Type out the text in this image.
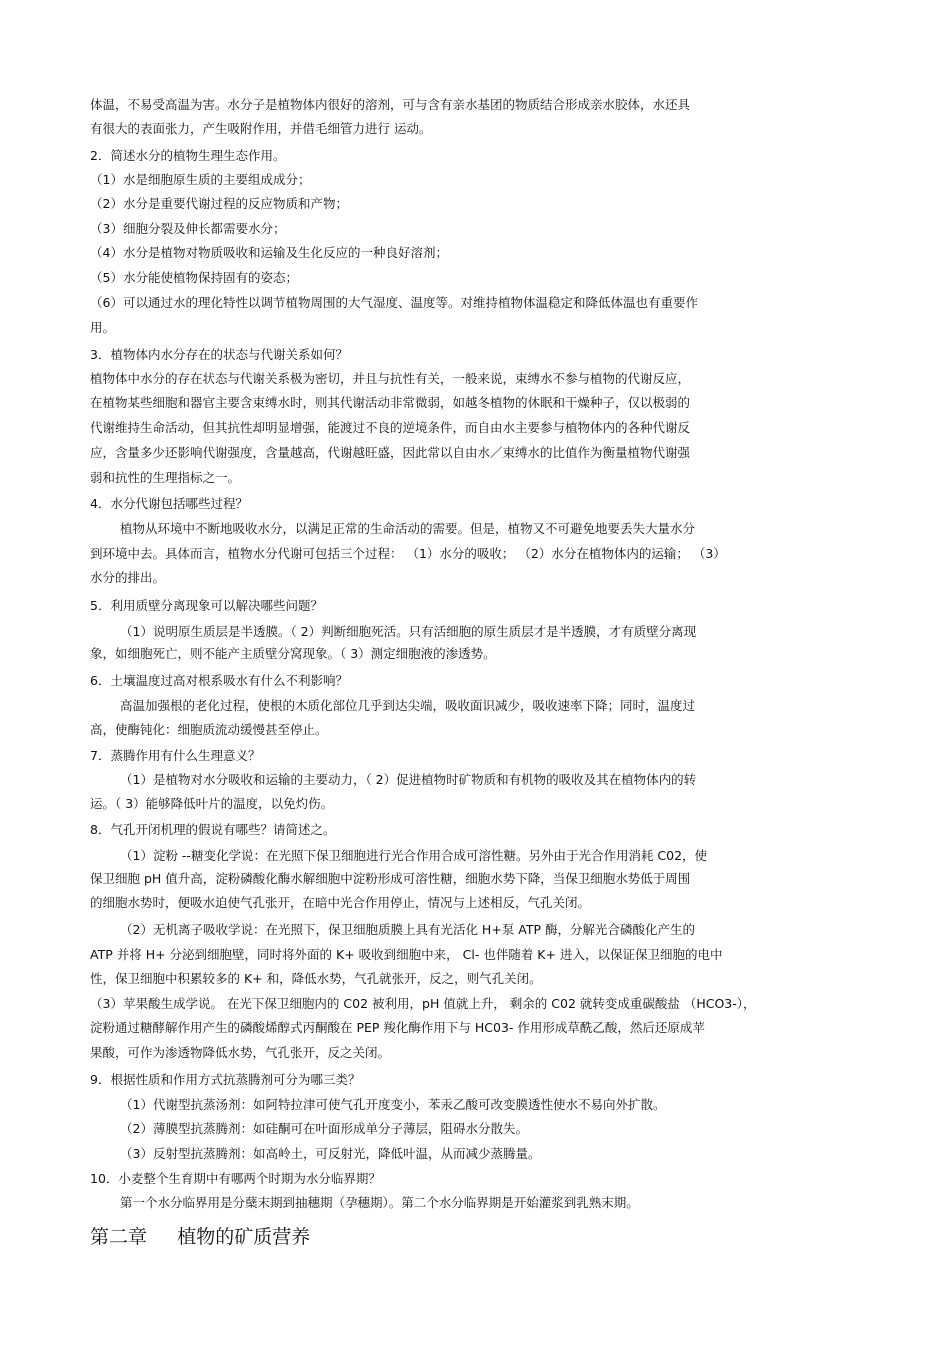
体温，不易受高温为害。水分子是植物体内很好的溶剂，可与含有亲水基团的物质结合形成亲水胶体，水还具
有很大的表面张力，产生吸附作用，并借毛细管力进行 运动。
2．简述水分的植物生理生态作用。
（1）水是细胞原生质的主要组成成分；
（2）水分是重要代谢过程的反应物质和产物；
（3）细胞分裂及伸长都需要水分；
（4）水分是植物对物质吸收和运输及生化反应的一种良好溶剂；
（5）水分能使植物保持固有的姿态；
（6）可以通过水的理化特性以调节植物周围的大气湿度、温度等。对维持植物体温稳定和降低体温也有重要作
用。
3．植物体内水分存在的状态与代谢关系如何？
植物体中水分的存在状态与代谢关系极为密切，并且与抗性有关，一般来说，束缚水不参与植物的代谢反应，
在植物某些细胞和器官主要含束缚水时，则其代谢活动非常微弱，如越冬植物的休眠和干燥种子，仅以极弱的
代谢维持生命活动，但其抗性却明显增强，能渡过不良的逆境条件，而自由水主要参与植物体内的各种代谢反
应，含量多少还影响代谢强度，含量越高，代谢越旺盛，因此常以自由水／束缚水的比值作为衡量植物代谢强
弱和抗性的生理指标之一。
4．水分代谢包括哪些过程？
植物从环境中不断地吸收水分，以满足正常的生命活动的需要。但是，植物又不可避免地要丢失大量水分
到环境中去。具体而言，植物水分代谢可包括三个过程： （1）水分的吸收； （2）水分在植物体内的运输； （3）
水分的排出。
5．利用质壁分离现象可以解决哪些问题？
（1）说明原生质层是半透膜。（ 2）判断细胞死活。只有活细胞的原生质层才是半透膜，才有质壁分离现
象，如细胞死亡，则不能产主质壁分窝现象。（ 3）测定细胞液的渗透势。
6．土壤温度过高对根系吸水有什么不利影响？
高温加强根的老化过程，使根的木质化部位几乎到达尖端，吸收面识减少，吸收速率下降；同时，温度过
高，使酶钝化：细胞质流动缓慢甚至停止。
7．蒸腾作用有什么生理意义？
（1）是植物对水分吸收和运输的主要动力，（ 2）促进植物时矿物质和有机物的吸收及其在植物体内的转
运。（ 3）能够降低叶片的温度，以免灼伤。
8．气孔开闭机理的假说有哪些？请简述之。
（1）淀粉 --糖变化学说：在光照下保卫细胞进行光合作用合成可溶性糖。另外由于光合作用消耗 C02，使
保卫细胞 pH 值升高，淀粉磷酸化酶水解细胞中淀粉形成可溶性糖，细胞水势下降，当保卫细胞水势低于周围
的细胞水势时，便吸水迫使气孔张开，在暗中光合作用停止，情况与上述相反，气孔关闭。
（2）无机离子吸收学说：在光照下，保卫细胞质膜上具有光活化 H+泵 ATP 酶，分解光合磷酸化产生的
ATP 并将 H+ 分泌到细胞壁，同时将外面的 K+ 吸收到细胞中来， Cl- 也伴随着 K+ 进入，以保证保卫细胞的电中
性，保卫细胞中积累较多的 K+ 和，降低水势，气孔就张开，反之，则气孔关闭。
（3）苹果酸生成学说。 在光下保卫细胞内的 C02 被利用，pH 值就上升， 剩余的 C02 就转变成重碳酸盐 （HCO3-），
淀粉通过糖酵解作用产生的磷酸烯醇式丙酮酸在 PEP 羧化酶作用下与 HC03- 作用形成草酰乙酸，然后还原成苹
果酸，可作为渗透物降低水势，气孔张开，反之关闭。
9．根据性质和作用方式抗蒸腾剂可分为哪三类？
（1）代谢型抗蒸汤剂：如阿特拉津可使气孔开度变小，苯汞乙酸可改变膜透性使水不易向外扩散。
（2）薄膜型抗蒸腾剂：如硅酮可在叶面形成单分子薄层，阻碍水分散失。
（3）反射型抗蒸腾剂：如高岭土，可反射光，降低叶温，从而减少蒸腾量。
10．小麦整个生育期中有哪两个时期为水分临界期？
第一个水分临界用是分蘖末期到抽穗期（孕穗期）。第二个水分临界期是开始灌浆到乳熟末期。
第二章     植物的矿质营养
